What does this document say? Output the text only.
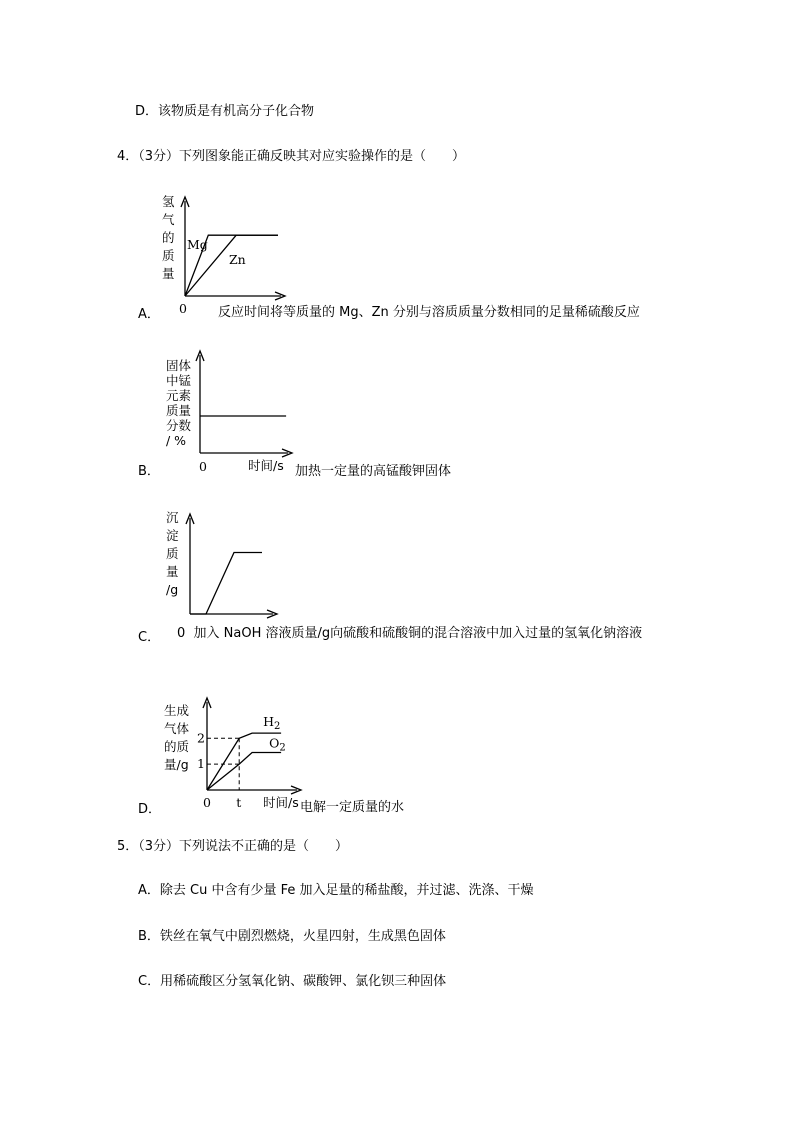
D．该物质是有机高分子化合物
4．（3分）下列图象能正确反映其对应实验操作的是（　　）
氢
气
的
质
量
Mg
Zn
0
A．	反应时间将等质量的 Mg、Zn 分别与溶质质量分数相同的足量稀硫酸反应
固体
中锰
元素
质量
分数
/ %
0	时间/s
B．	加热一定量的高锰酸钾固体
沉
淀
质
量
/g
C． 0 加入 NaOH 溶液质量/g向硫酸和硫酸铜的混合溶液中加入过量的氢氧化钠溶液
生成
气体
的质
量/g 1
2
t
$H_2$
$O_2$
0	时间/s
D．	电解一定质量的水
5．（3分）下列说法不正确的是（　　）
A．除去 Cu 中含有少量 Fe 加入足量的稀盐酸，并过滤、洗涤、干燥
B．铁丝在氧气中剧烈燃烧，火星四射，生成黑色固体
C．用稀硫酸区分氢氧化钠、碳酸钾、氯化钡三种固体
